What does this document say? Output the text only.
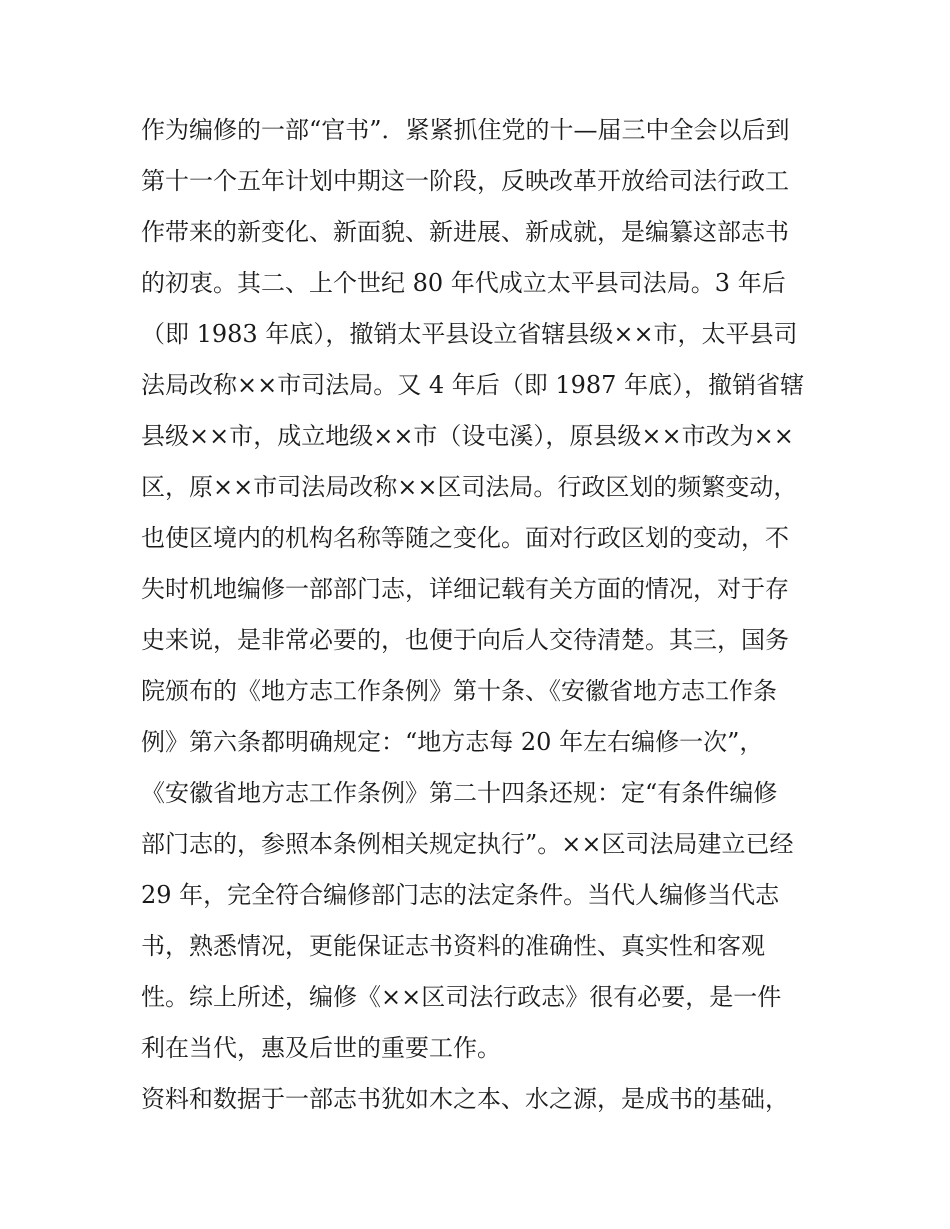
作为编修的一部“官书”．紧紧抓住党的十—届三中全会以后到
第十一个五年计划中期这一阶段，反映改革开放给司法行政工
作带来的新变化、新面貌、新进展、新成就，是编纂这部志书
的初衷。其二、上个世纪 80 年代成立太平县司法局。3 年后
（即 1983 年底），撤销太平县设立省辖县级××市，太平县司
法局改称××市司法局。又 4 年后（即 1987 年底），撤销省辖
县级××市，成立地级××市（设屯溪），原县级××市改为××
区，原××市司法局改称××区司法局。行政区划的频繁变动，
也使区境内的机构名称等随之变化。面对行政区划的变动，不
失时机地编修一部部门志，详细记载有关方面的情况，对于存
史来说，是非常必要的，也便于向后人交待清楚。其三，国务
院颁布的《地方志工作条例》第十条、《安徽省地方志工作条
例》第六条都明确规定：“地方志每 20 年左右编修一次”，
《安徽省地方志工作条例》第二十四条还规：定“有条件编修
部门志的，参照本条例相关规定执行”。××区司法局建立已经
29 年，完全符合编修部门志的法定条件。当代人编修当代志
书，熟悉情况，更能保证志书资料的准确性、真实性和客观
性。综上所述，编修《××区司法行政志》很有必要，是一件
利在当代，惠及后世的重要工作。
资料和数据于一部志书犹如木之本、水之源，是成书的基础，
